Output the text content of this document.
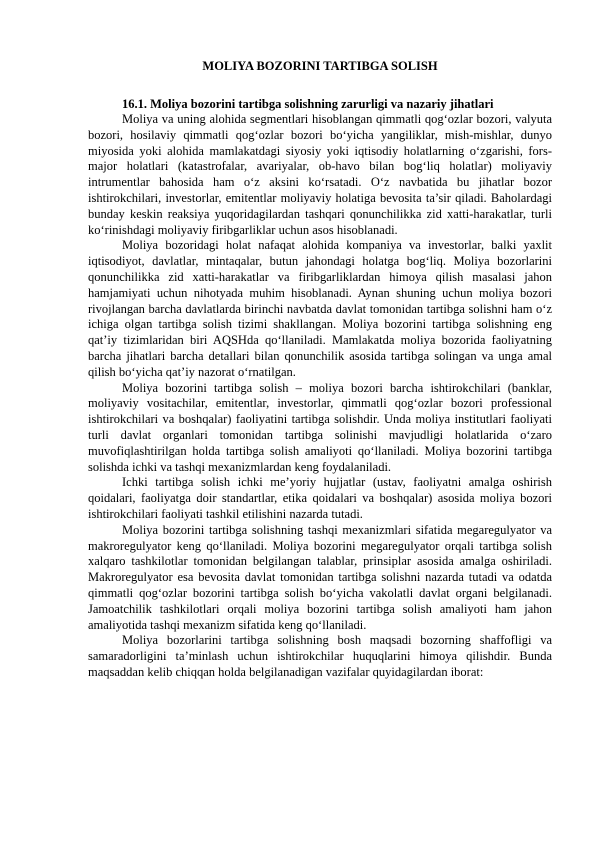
MOLIYA BOZORINI TARTIBGA SOLISH

16.1. Moliya bozorini tartibga solishning zarurligi va nazariy jihatlari

Moliya va uning alohida segmentlari hisoblangan qimmatli qog‘ozlar bozori, valyuta bozori, hosilaviy qimmatli qog‘ozlar bozori bo‘yicha yangiliklar, mish-mishlar, dunyo miyosida yoki alohida mamlakatdagi siyosiy yoki iqtisodiy holatlarning o‘zgarishi, fors-major holatlari (katastrofalar, avariyalar, ob-havo bilan bog‘liq holatlar) moliyaviy intrumentlar bahosida ham o‘z aksini ko‘rsatadi. O‘z navbatida bu jihatlar bozor ishtirokchilari, investorlar, emitentlar moliyaviy holatiga bevosita ta’sir qiladi. Baholardagi bunday keskin reaksiya yuqoridagilardan tashqari qonunchilikka zid xatti-harakatlar, turli ko‘rinishdagi moliyaviy firibgarliklar uchun asos hisoblanadi.

Moliya bozoridagi holat nafaqat alohida kompaniya va investorlar, balki yaxlit iqtisodiyot, davlatlar, mintaqalar, butun jahondagi holatga bog‘liq. Moliya bozorlarini qonunchilikka zid xatti-harakatlar va firibgarliklardan himoya qilish masalasi jahon hamjamiyati uchun nihotyada muhim hisoblanadi. Aynan shuning uchun moliya bozori rivojlangan barcha davlatlarda birinchi navbatda davlat tomonidan tartibga solishni ham o‘z ichiga olgan tartibga solish tizimi shakllangan. Moliya bozorini tartibga solishning eng qat’iy tizimlaridan biri AQSHda qo‘llaniladi. Mamlakatda moliya bozorida faoliyatning barcha jihatlari barcha detallari bilan qonunchilik asosida tartibga solingan va unga amal qilish bo‘yicha qat’iy nazorat o‘rnatilgan.

Moliya bozorini tartibga solish – moliya bozori barcha ishtirokchilari (banklar, moliyaviy vositachilar, emitentlar, investorlar, qimmatli qog‘ozlar bozori professional ishtirokchilari va boshqalar) faoliyatini tartibga solishdir. Unda moliya institutlari faoliyati turli davlat organlari tomonidan tartibga solinishi mavjudligi holatlarida o‘zaro muvofiqlashtirilgan holda tartibga solish amaliyoti qo‘llaniladi. Moliya bozorini tartibga solishda ichki va tashqi mexanizmlardan keng foydalaniladi.

Ichki tartibga solish ichki me’yoriy hujjatlar (ustav, faoliyatni amalga oshirish qoidalari, faoliyatga doir standartlar, etika qoidalari va boshqalar) asosida moliya bozori ishtirokchilari faoliyati tashkil etilishini nazarda tutadi.

Moliya bozorini tartibga solishning tashqi mexanizmlari sifatida megaregulyator va makroregulyator keng qo‘llaniladi. Moliya bozorini megaregulyator orqali tartibga solish xalqaro tashkilotlar tomonidan belgilangan talablar, prinsiplar asosida amalga oshiriladi. Makroregulyator esa bevosita davlat tomonidan tartibga solishni nazarda tutadi va odatda qimmatli qog‘ozlar bozorini tartibga solish bo‘yicha vakolatli davlat organi belgilanadi. Jamoatchilik tashkilotlari orqali moliya bozorini tartibga solish amaliyoti ham jahon amaliyotida tashqi mexanizm sifatida keng qo‘llaniladi.

Moliya bozorlarini tartibga solishning bosh maqsadi bozorning shaffofligi va samaradorligini ta’minlash uchun ishtirokchilar huquqlarini himoya qilishdir. Bunda maqsaddan kelib chiqqan holda belgilanadigan vazifalar quyidagilardan iborat:
